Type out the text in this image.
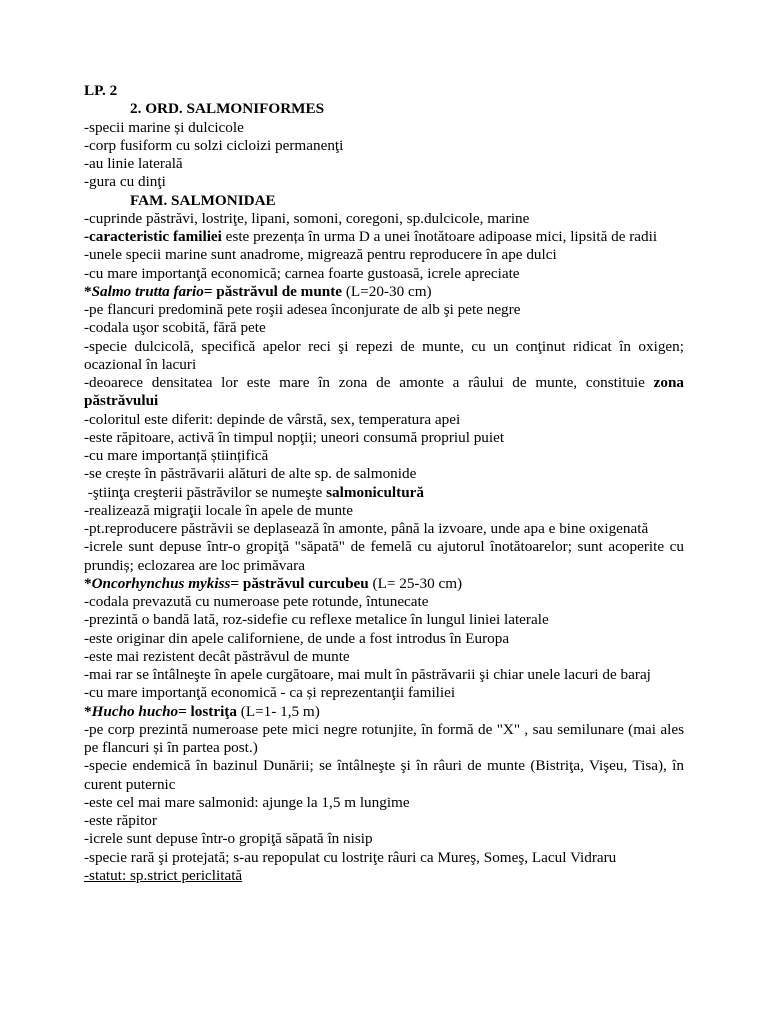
LP. 2
2. ORD. SALMONIFORMES
-specii marine și dulcicole
-corp fusiform cu solzi cicloizi permanenţi
-au linie laterală
-gura cu dinţi
FAM. SALMONIDAE
-cuprinde păstrăvi, lostriţe, lipani, somoni, coregoni, sp.dulcicole, marine
-caracteristic familiei este prezența în urma D a unei înotătoare adipoase mici, lipsită de radii
-unele specii marine sunt anadrome, migrează pentru reproducere în ape dulci
-cu mare importanţă economică; carnea foarte gustoasă, icrele apreciate
*Salmo trutta fario= păstrăvul de munte (L=20-30 cm)
-pe flancuri predomină pete roşii adesea înconjurate de alb şi pete negre
-codala uşor scobită, fără pete
-specie dulcicolă, specifică apelor reci şi repezi de munte, cu un conţinut ridicat în oxigen; ocazional în lacuri
-deoarece densitatea lor este mare în zona de amonte a râului de munte, constituie zona păstrăvului
-coloritul este diferit: depinde de vârstă, sex, temperatura apei
-este răpitoare, activă în timpul nopţii; uneori consumă propriul puiet
-cu mare importanță științifică
-se crește în păstrăvarii alături de alte sp. de salmonide
-ştiinţa creşterii păstrăvilor se numeşte salmonicultură
-realizează migraţii locale în apele de munte
-pt.reproducere păstrăvii se deplasează în amonte, până la izvoare, unde apa e bine oxigenată
-icrele sunt depuse într-o gropiţă "săpată" de femelă cu ajutorul înotătoarelor; sunt acoperite cu prundiș; eclozarea are loc primăvara
*Oncorhynchus mykiss= păstrăvul curcubeu (L= 25-30 cm)
-codala prevazută cu numeroase pete rotunde, întunecate
-prezintă o bandă lată, roz-sidefie cu reflexe metalice în lungul liniei laterale
-este originar din apele californiene, de unde a fost introdus în Europa
-este mai rezistent decât păstrăvul de munte
-mai rar se întâlneşte în apele curgătoare, mai mult în păstrăvarii şi chiar unele lacuri de baraj
-cu mare importanţă economică - ca și reprezentanţii familiei
*Hucho hucho= lostriţa (L=1- 1,5 m)
-pe corp prezintă numeroase pete mici negre rotunjite, în formă de "X" , sau semilunare (mai ales pe flancuri și în partea post.)
-specie endemică în bazinul Dunării; se întâlneşte şi în râuri de munte (Bistriţa, Vişeu, Tisa), în curent puternic
-este cel mai mare salmonid: ajunge la 1,5 m lungime
-este răpitor
-icrele sunt depuse într-o gropiţă săpată în nisip
-specie rară şi protejată; s-au repopulat cu lostriţe râuri ca Mureş, Someş, Lacul Vidraru
-statut: sp.strict periclitată
